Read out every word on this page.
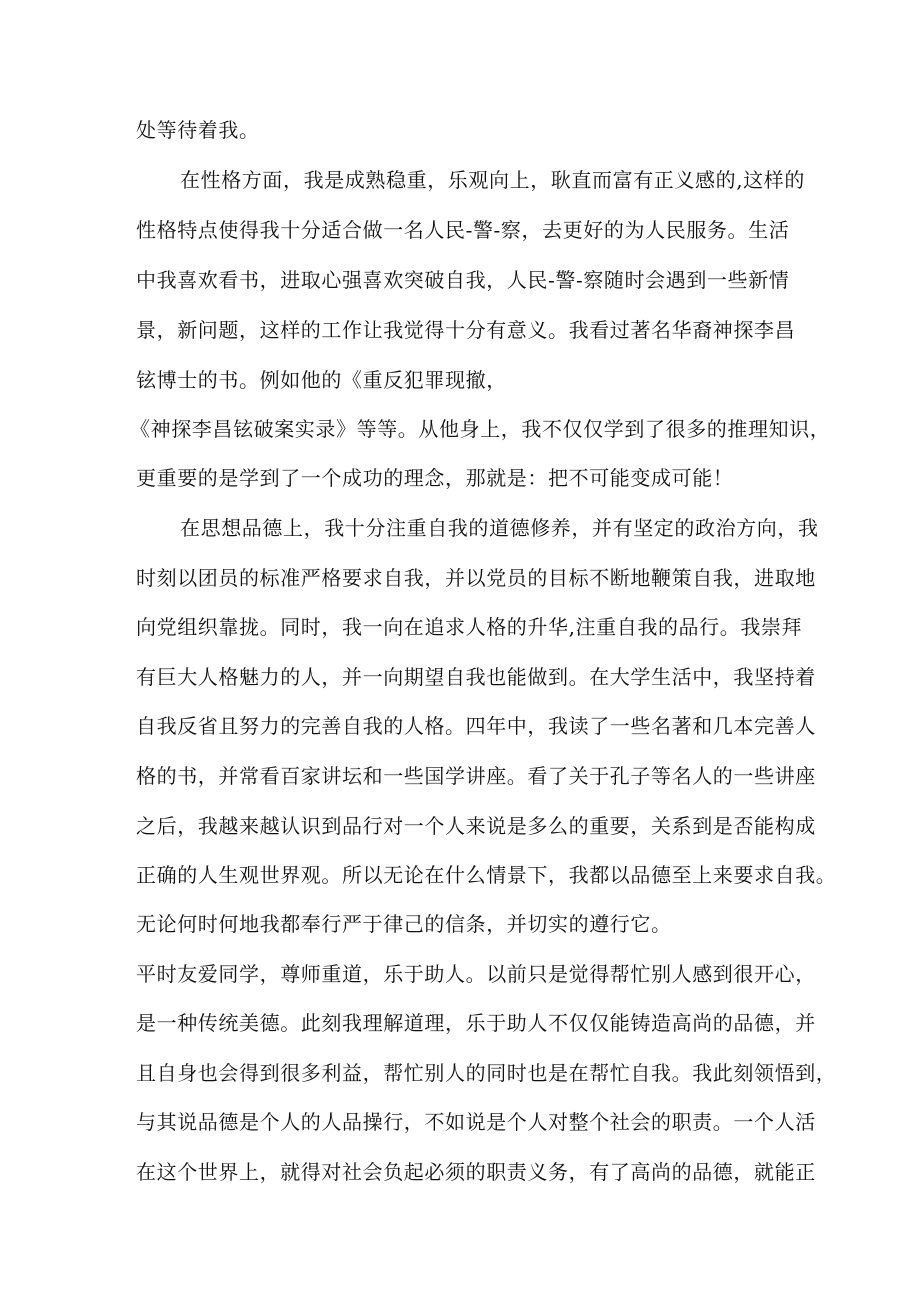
处等待着我。

在性格方面，我是成熟稳重，乐观向上，耿直而富有正义感的,这样的

性格特点使得我十分适合做一名人民-警-察，去更好的为人民服务。生活

中我喜欢看书，进取心强喜欢突破自我，人民-警-察随时会遇到一些新情

景，新问题，这样的工作让我觉得十分有意义。我看过著名华裔神探李昌

铉博士的书。例如他的《重反犯罪现撤，

《神探李昌铉破案实录》等等。从他身上，我不仅仅学到了很多的推理知识，

更重要的是学到了一个成功的理念，那就是：把不可能变成可能！

在思想品德上，我十分注重自我的道德修养，并有坚定的政治方向，我

时刻以团员的标准严格要求自我，并以党员的目标不断地鞭策自我，进取地

向党组织靠拢。同时，我一向在追求人格的升华,注重自我的品行。我崇拜

有巨大人格魅力的人，并一向期望自我也能做到。在大学生活中，我坚持着

自我反省且努力的完善自我的人格。四年中，我读了一些名著和几本完善人

格的书，并常看百家讲坛和一些国学讲座。看了关于孔子等名人的一些讲座

之后，我越来越认识到品行对一个人来说是多么的重要，关系到是否能构成

正确的人生观世界观。所以无论在什么情景下，我都以品德至上来要求自我。

无论何时何地我都奉行严于律己的信条，并切实的遵行它。

平时友爱同学，尊师重道，乐于助人。以前只是觉得帮忙别人感到很开心，

是一种传统美德。此刻我理解道理，乐于助人不仅仅能铸造高尚的品德，并

且自身也会得到很多利益，帮忙别人的同时也是在帮忙自我。我此刻领悟到，

与其说品德是个人的人品操行，不如说是个人对整个社会的职责。一个人活

在这个世界上，就得对社会负起必须的职责义务，有了高尚的品德，就能正
